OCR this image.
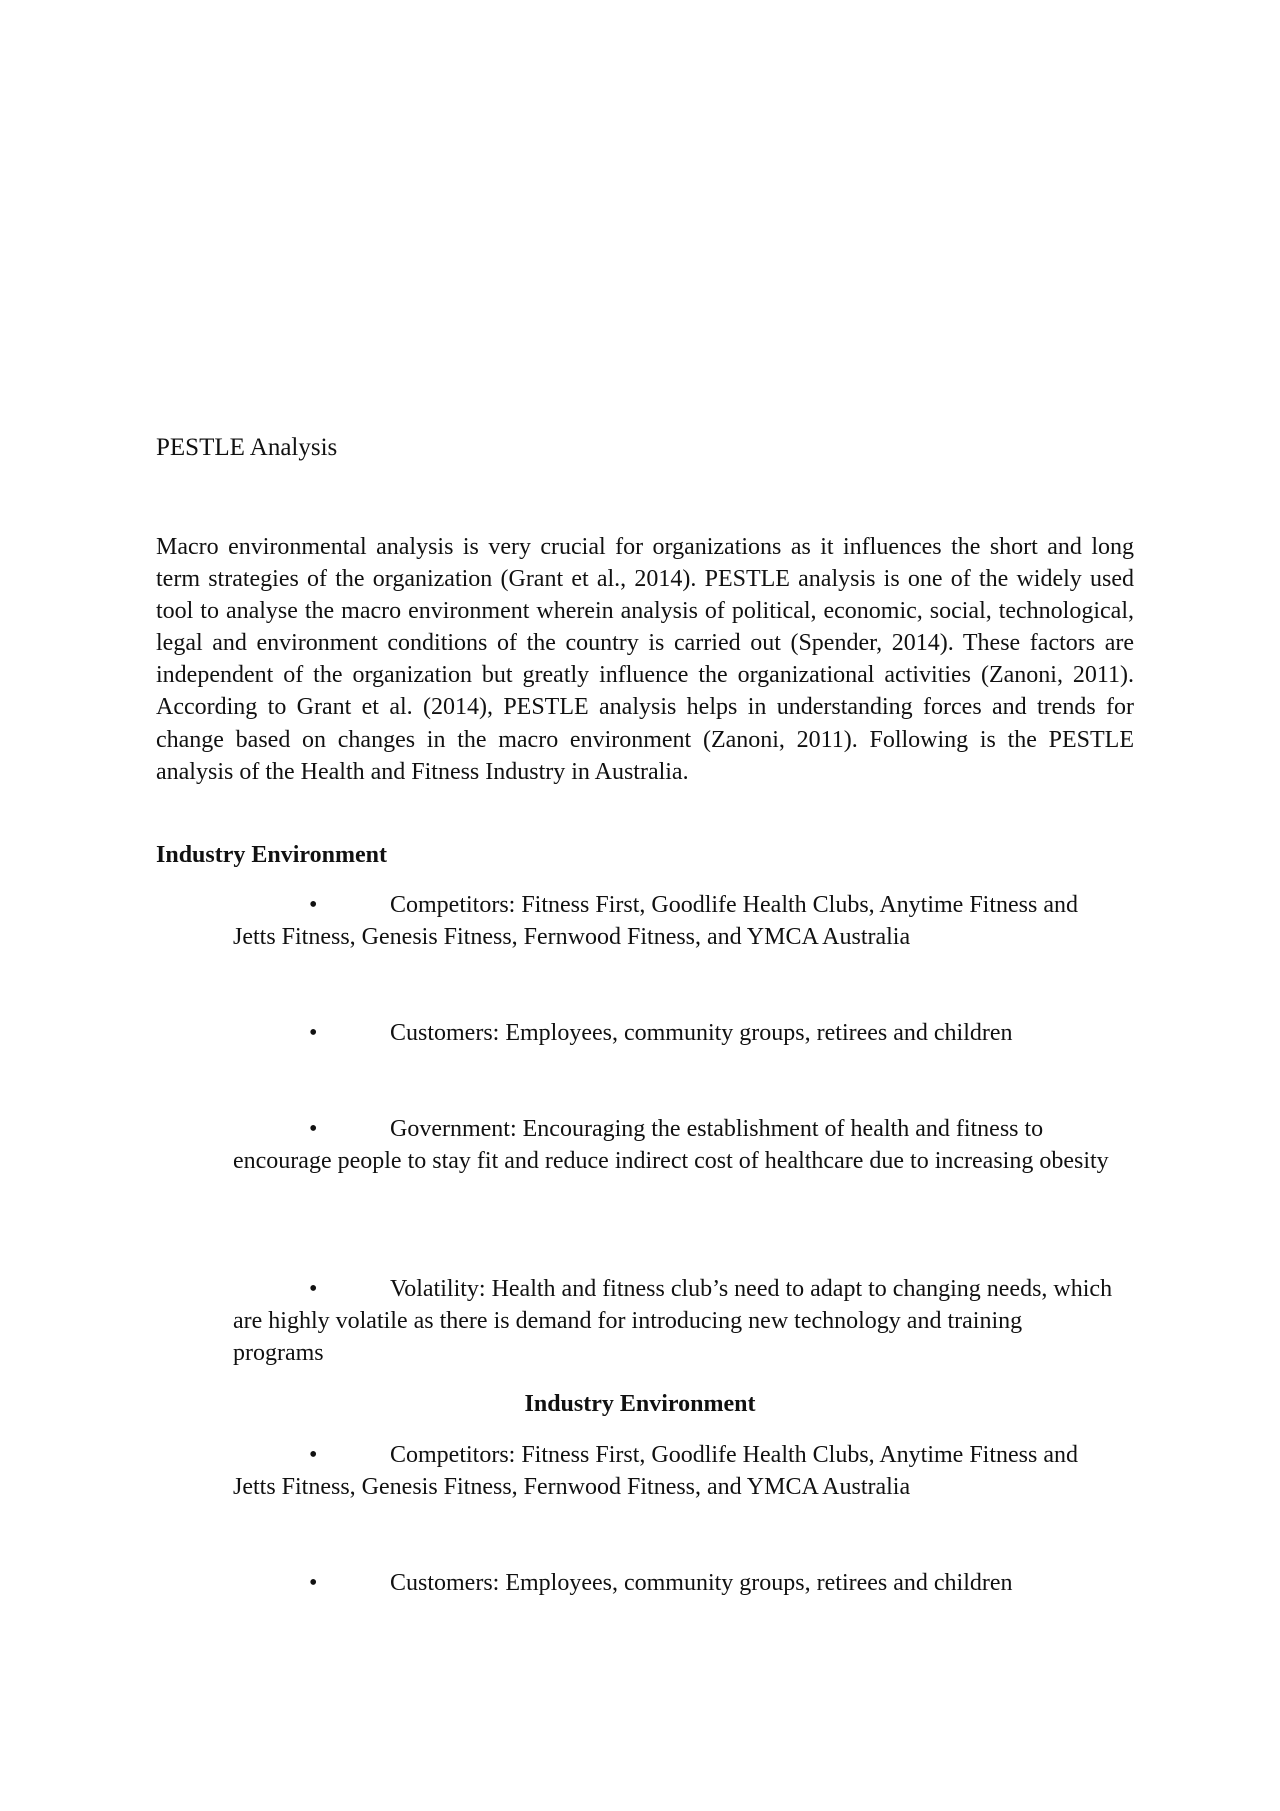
PESTLE Analysis

Macro environmental analysis is very crucial for organizations as it influences the short and long term strategies of the organization (Grant et al., 2014). PESTLE analysis is one of the widely used tool to analyse the macro environment wherein analysis of political, economic, social, technological, legal and environment conditions of the country is carried out (Spender, 2014). These factors are independent of the organization but greatly influence the organizational activities (Zanoni, 2011). According to Grant et al. (2014), PESTLE analysis helps in understanding forces and trends for change based on changes in the macro environment (Zanoni, 2011). Following is the PESTLE analysis of the Health and Fitness Industry in Australia.

Industry Environment

•	Competitors: Fitness First, Goodlife Health Clubs, Anytime Fitness and Jetts Fitness, Genesis Fitness, Fernwood Fitness, and YMCA Australia

•	Customers: Employees, community groups, retirees and children

•	Government: Encouraging the establishment of health and fitness to encourage people to stay fit and reduce indirect cost of healthcare due to increasing obesity

•	Volatility: Health and fitness club’s need to adapt to changing needs, which are highly volatile as there is demand for introducing new technology and training programs

Industry Environment

•	Competitors: Fitness First, Goodlife Health Clubs, Anytime Fitness and Jetts Fitness, Genesis Fitness, Fernwood Fitness, and YMCA Australia

•	Customers: Employees, community groups, retirees and children
